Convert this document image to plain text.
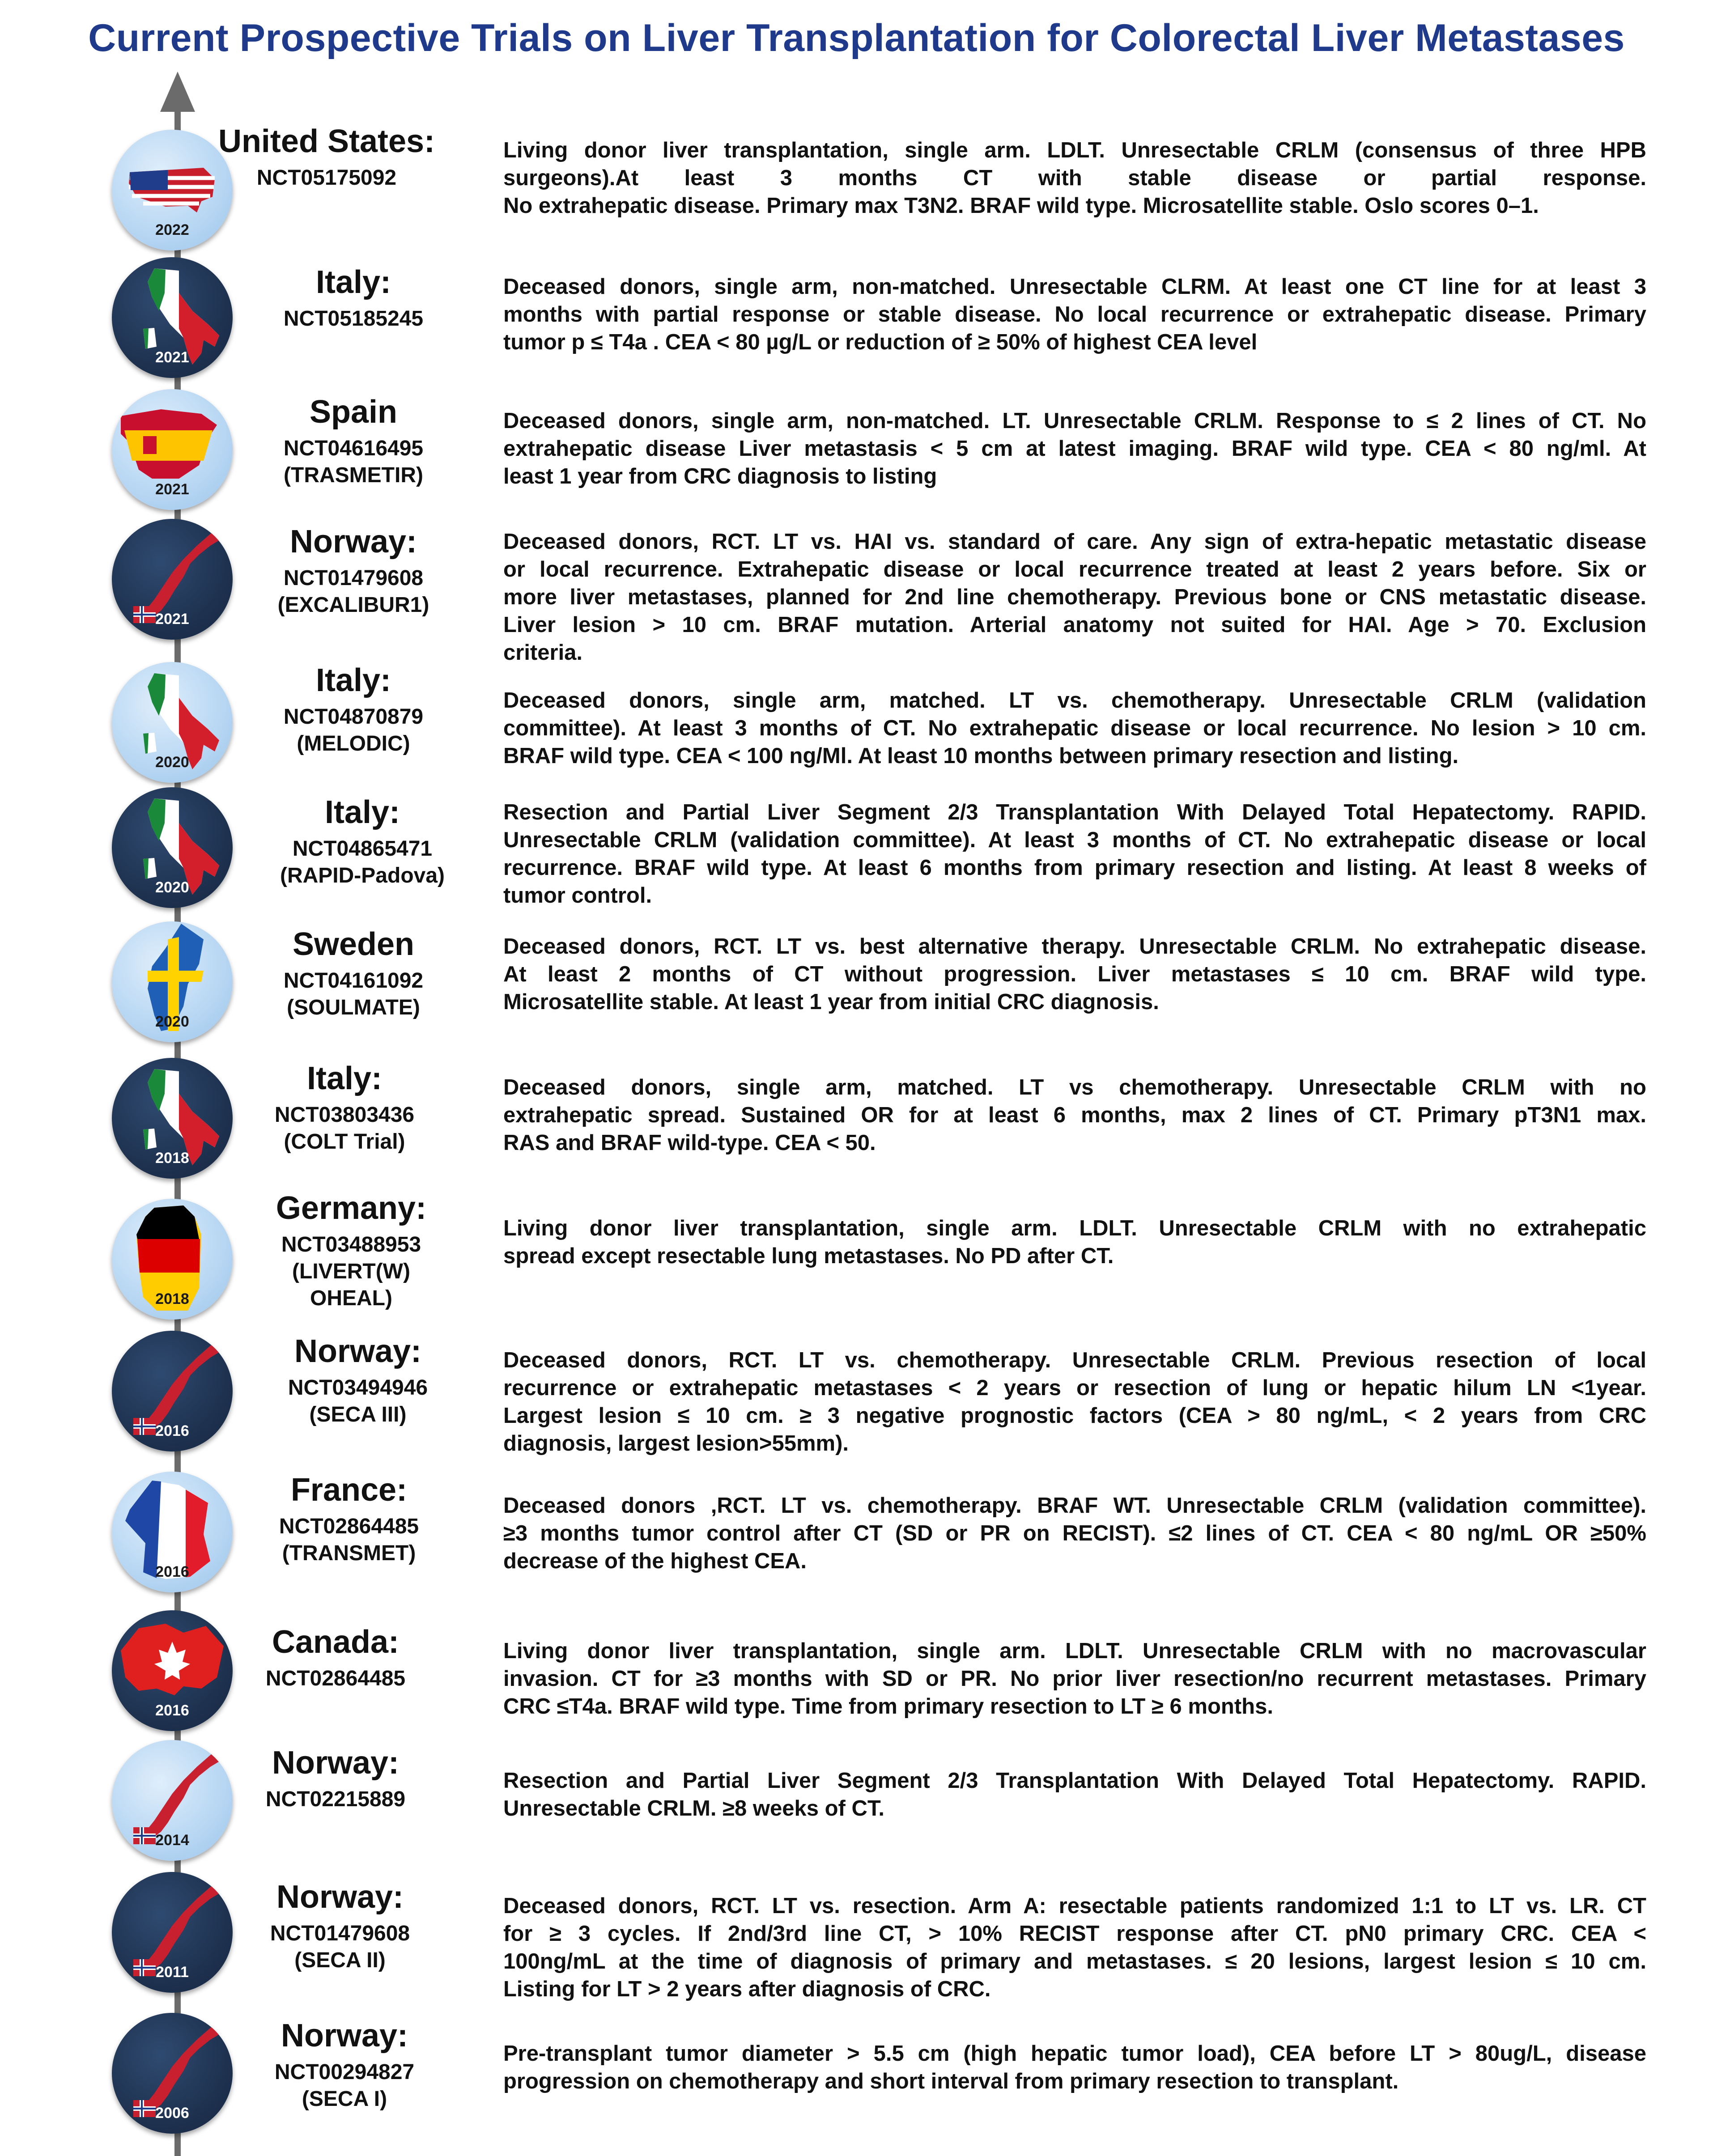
Current Prospective Trials on Liver Transplantation for Colorectal Liver Metastases
2022
United States:
NCT05175092
Living donor liver transplantation, single arm. LDLT. Unresectable CRLM (consensus of three HPB
surgeons).At least 3 months CT with stable disease or partial response.
No extrahepatic disease. Primary max T3N2. BRAF wild type. Microsatellite stable. Oslo scores 0–1.
2021
Italy:
NCT05185245
Deceased donors, single arm, non-matched. Unresectable CLRM. At least one CT line for at least 3
months with partial response or stable disease. No local recurrence or extrahepatic disease. Primary
tumor p ≤ T4a . CEA < 80 µg/L or reduction of ≥ 50% of highest CEA level
2021
Spain
NCT04616495
(TRASMETIR)
Deceased donors, single arm, non-matched. LT. Unresectable CRLM. Response to ≤ 2 lines of CT. No
extrahepatic disease Liver metastasis < 5 cm at latest imaging. BRAF wild type. CEA < 80 ng/ml. At
least 1 year from CRC diagnosis to listing
2021
Norway:
NCT01479608
(EXCALIBUR1)
Deceased donors, RCT. LT vs. HAI vs. standard of care. Any sign of extra-hepatic metastatic disease
or local recurrence. Extrahepatic disease or local recurrence treated at least 2 years before. Six or
more liver metastases, planned for 2nd line chemotherapy. Previous bone or CNS metastatic disease.
Liver lesion > 10 cm. BRAF mutation. Arterial anatomy not suited for HAI. Age > 70. Exclusion
criteria.
2020
Italy:
NCT04870879
(MELODIC)
Deceased donors, single arm, matched. LT vs. chemotherapy. Unresectable CRLM (validation
committee). At least 3 months of CT. No extrahepatic disease or local recurrence. No lesion > 10 cm.
BRAF wild type. CEA < 100 ng/Ml. At least 10 months between primary resection and listing.
2020
Italy:
NCT04865471
(RAPID-Padova)
Resection and Partial Liver Segment 2/3 Transplantation With Delayed Total Hepatectomy. RAPID.
Unresectable CRLM (validation committee). At least 3 months of CT. No extrahepatic disease or local
recurrence. BRAF wild type. At least 6 months from primary resection and listing. At least 8 weeks of
tumor control.
2020
Sweden
NCT04161092
(SOULMATE)
Deceased donors, RCT. LT vs. best alternative therapy. Unresectable CRLM. No extrahepatic disease.
At least 2 months of CT without progression. Liver metastases ≤ 10 cm. BRAF wild type.
Microsatellite stable. At least 1 year from initial CRC diagnosis.
2018
Italy:
NCT03803436
(COLT Trial)
Deceased donors, single arm, matched. LT vs chemotherapy. Unresectable CRLM with no
extrahepatic spread. Sustained OR for at least 6 months, max 2 lines of CT. Primary pT3N1 max.
RAS and BRAF wild-type. CEA < 50.
2018
Germany:
NCT03488953
(LIVERT(W)
OHEAL)
Living donor liver transplantation, single arm. LDLT. Unresectable CRLM with no extrahepatic
spread except resectable lung metastases. No PD after CT.
2016
Norway:
NCT03494946
(SECA III)
Deceased donors, RCT. LT vs. chemotherapy. Unresectable CRLM. Previous resection of local
recurrence or extrahepatic metastases < 2 years or resection of lung or hepatic hilum LN <1year.
Largest lesion ≤ 10 cm. ≥ 3 negative prognostic factors (CEA > 80 ng/mL, < 2 years from CRC
diagnosis, largest lesion>55mm).
2016
France:
NCT02864485
(TRANSMET)
Deceased donors ,RCT. LT vs. chemotherapy. BRAF WT. Unresectable CRLM (validation committee).
≥3 months tumor control after CT (SD or PR on RECIST). ≤2 lines of CT. CEA < 80 ng/mL OR ≥50%
decrease of the highest CEA.
2016
Canada:
NCT02864485
Living donor liver transplantation, single arm. LDLT. Unresectable CRLM with no macrovascular
invasion. CT for ≥3 months with SD or PR. No prior liver resection/no recurrent metastases. Primary
CRC ≤T4a. BRAF wild type. Time from primary resection to LT ≥ 6 months.
2014
Norway:
NCT02215889
Resection and Partial Liver Segment 2/3 Transplantation With Delayed Total Hepatectomy. RAPID.
Unresectable CRLM. ≥8 weeks of CT.
2011
Norway:
NCT01479608
(SECA II)
Deceased donors, RCT. LT vs. resection. Arm A: resectable patients randomized 1:1 to LT vs. LR. CT
for ≥ 3 cycles. If 2nd/3rd line CT, > 10% RECIST response after CT. pN0 primary CRC. CEA <
100ng/mL at the time of diagnosis of primary and metastases. ≤ 20 lesions, largest lesion ≤ 10 cm.
Listing for LT > 2 years after diagnosis of CRC.
2006
Norway:
NCT00294827
(SECA I)
Pre-transplant tumor diameter > 5.5 cm (high hepatic tumor load), CEA before LT > 80ug/L, disease
progression on chemotherapy and short interval from primary resection to transplant.
